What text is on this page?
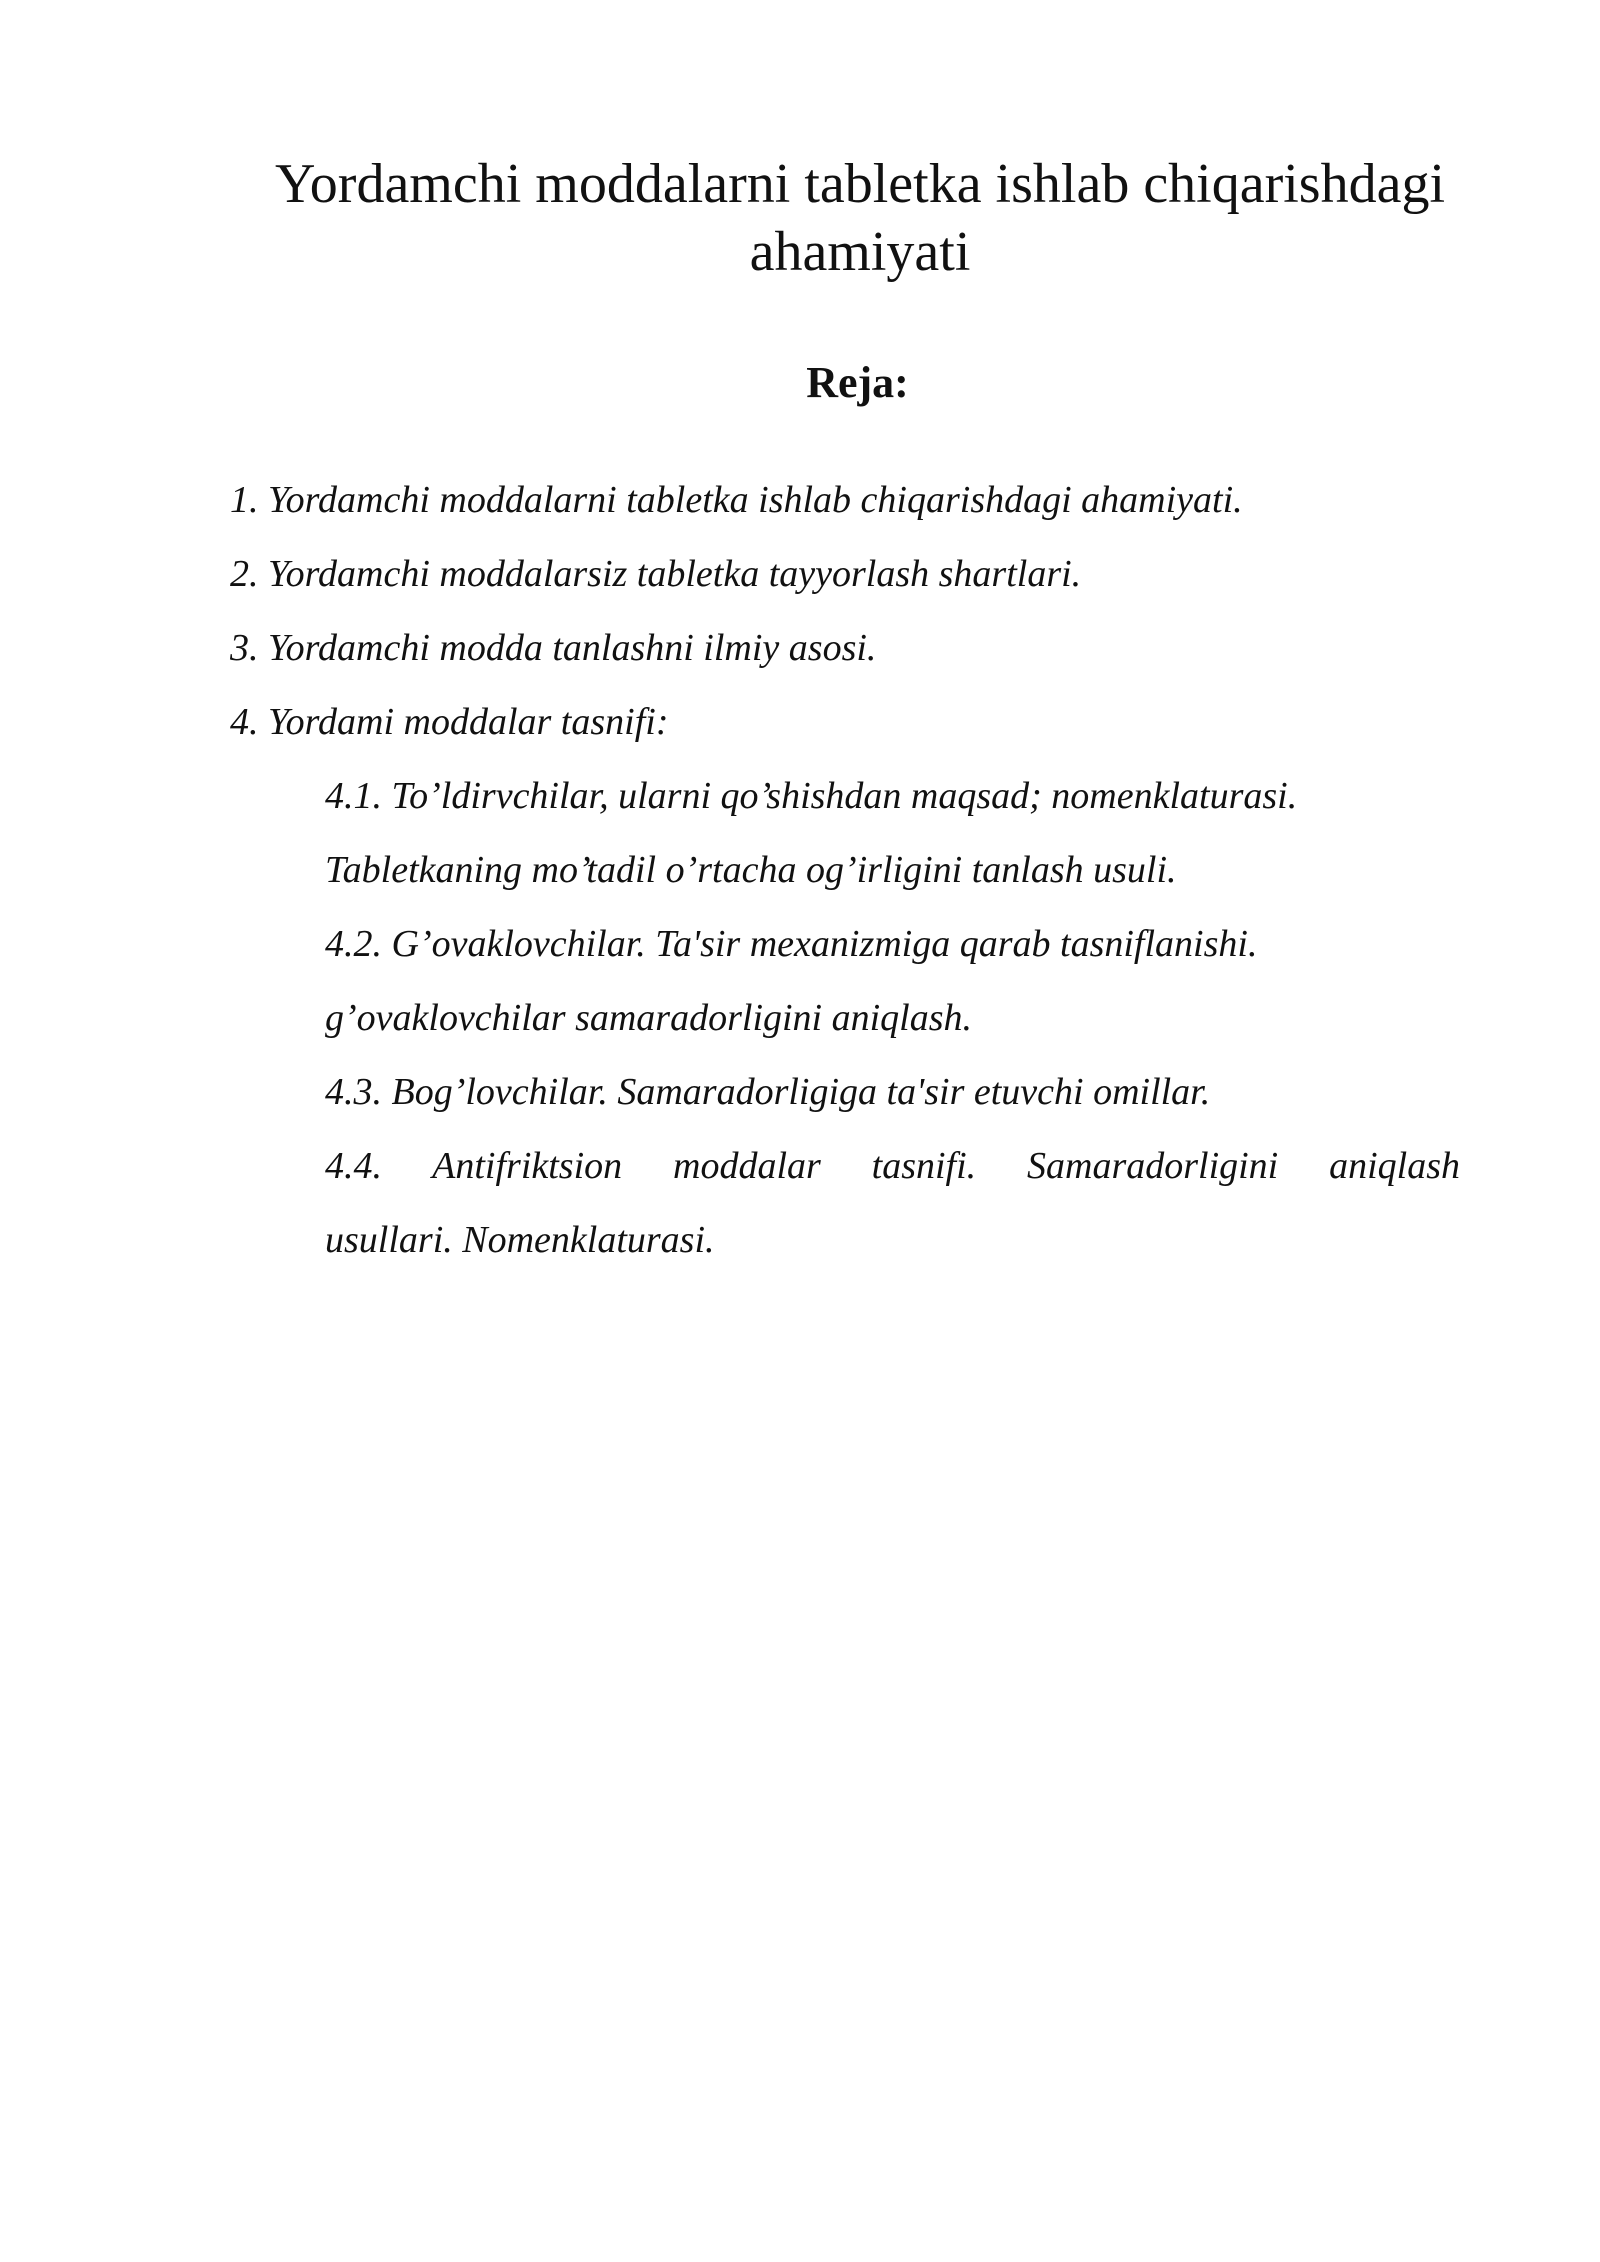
Yordamchi moddalarni tabletka ishlab chiqarishdagi
ahamiyati
Reja:
1. Yordamchi moddalarni tabletka ishlab chiqarishdagi ahamiyati.
2. Yordamchi moddalarsiz tabletka tayyorlash shartlari.
3. Yordamchi modda tanlashni ilmiy asosi.
4. Yordami moddalar tasnifi:
4.1. To’ldirvchilar, ularni qo’shishdan maqsad; nomenklaturasi.
Tabletkaning mo’tadil o’rtacha og’irligini tanlash usuli.
4.2. G’ovaklovchilar. Ta'sir mexanizmiga qarab tasniflanishi.
g’ovaklovchilar samaradorligini aniqlash.
4.3. Bog’lovchilar. Samaradorligiga ta'sir etuvchi omillar.
4.4. Antifriktsion moddalar tasnifi. Samaradorligini aniqlash
usullari. Nomenklaturasi.
